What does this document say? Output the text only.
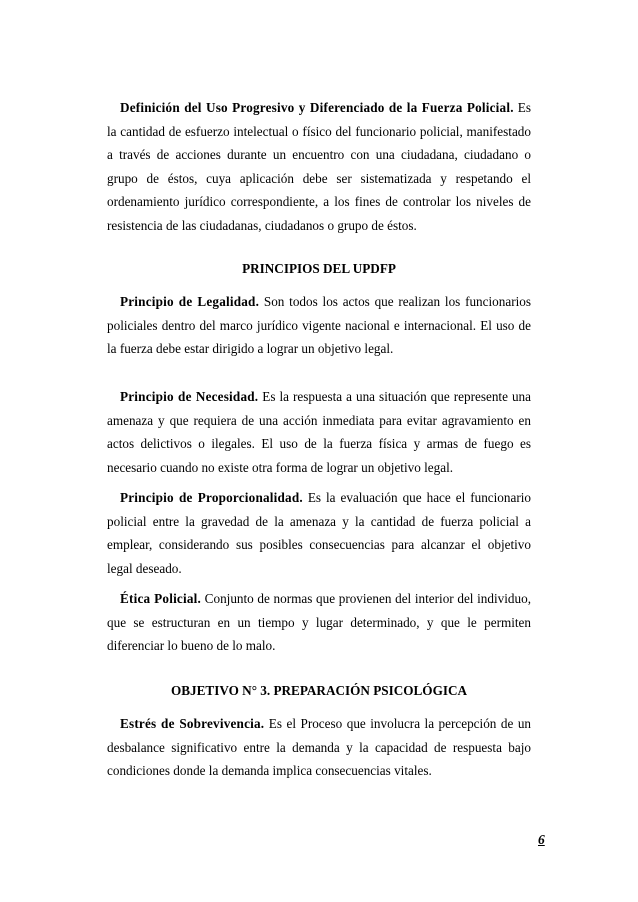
Definición del Uso Progresivo y Diferenciado de la Fuerza Policial. Es la cantidad de esfuerzo intelectual o físico del funcionario policial, manifestado a través de acciones durante un encuentro con una ciudadana, ciudadano o grupo de éstos, cuya aplicación debe ser sistematizada y respetando el ordenamiento jurídico correspondiente, a los fines de controlar los niveles de resistencia de las ciudadanas, ciudadanos o grupo de éstos.

PRINCIPIOS DEL UPDFP

Principio de Legalidad. Son todos los actos que realizan los funcionarios policiales dentro del marco jurídico vigente nacional e internacional. El uso de la fuerza debe estar dirigido a lograr un objetivo legal.

Principio de Necesidad. Es la respuesta a una situación que represente una amenaza y que requiera de una acción inmediata para evitar agravamiento en actos delictivos o ilegales. El uso de la fuerza física y armas de fuego es necesario cuando no existe otra forma de lograr un objetivo legal.

Principio de Proporcionalidad. Es la evaluación que hace el funcionario policial entre la gravedad de la amenaza y la cantidad de fuerza policial a emplear, considerando sus posibles consecuencias para alcanzar el objetivo legal deseado.

Ética Policial. Conjunto de normas que provienen del interior del individuo, que se estructuran en un tiempo y lugar determinado, y que le permiten diferenciar lo bueno de lo malo.

OBJETIVO N° 3. PREPARACIÓN PSICOLÓGICA

Estrés de Sobrevivencia. Es el Proceso que involucra la percepción de un desbalance significativo entre la demanda y la capacidad de respuesta bajo condiciones donde la demanda implica consecuencias vitales.

6
